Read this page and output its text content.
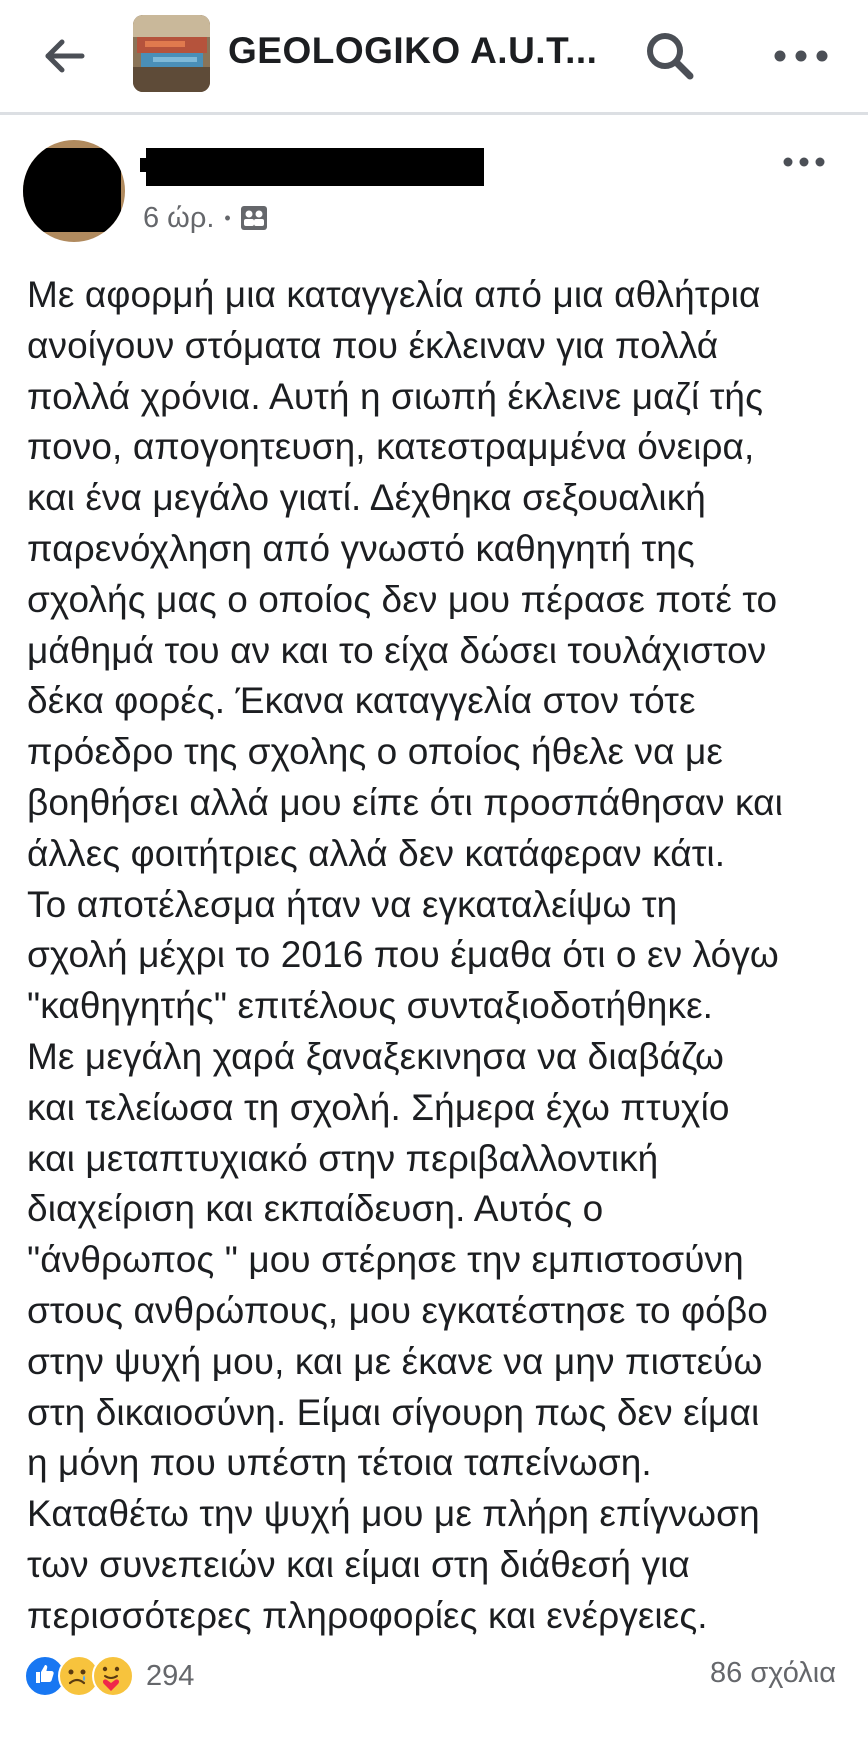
GEOLOGIKO A.U.T...
6 ώρ. •
Με αφορμή μια καταγγελία από μια αθλήτρια
ανοίγουν στόματα που έκλειναν για πολλά
πολλά χρόνια. Αυτή η σιωπή έκλεινε μαζί τής
πονο, απογοητευση, κατεστραμμένα όνειρα,
και ένα μεγάλο γιατί. Δέχθηκα σεξουαλική
παρενόχληση από γνωστό καθηγητή της
σχολής μας ο οποίος δεν μου πέρασε ποτέ το
μάθημά του αν και το είχα δώσει τουλάχιστον
δέκα φορές. Έκανα καταγγελία στον τότε
πρόεδρο της σχολης ο οποίος ήθελε να με
βοηθήσει αλλά μου είπε ότι προσπάθησαν και
άλλες φοιτήτριες αλλά δεν κατάφεραν κάτι.
Το αποτέλεσμα ήταν να εγκαταλείψω τη
σχολή μέχρι το 2016 που έμαθα ότι ο εν λόγω
"καθηγητής" επιτέλους συνταξιοδοτήθηκε.
Με μεγάλη χαρά ξαναξεκινησα να διαβάζω
και τελείωσα τη σχολή. Σήμερα έχω πτυχίο
και μεταπτυχιακό στην περιβαλλοντική
διαχείριση και εκπαίδευση. Αυτός ο
"άνθρωπος " μου στέρησε την εμπιστοσύνη
στους ανθρώπους, μου εγκατέστησε το φόβο
στην ψυχή μου, και με έκανε να μην πιστεύω
στη δικαιοσύνη. Είμαι σίγουρη πως δεν είμαι
η μόνη που υπέστη τέτοια ταπείνωση.
Καταθέτω την ψυχή μου με πλήρη επίγνωση
των συνεπειών και είμαι στη διάθεσή για
περισσότερες πληροφορίες και ενέργειες.
294	86 σχόλια
